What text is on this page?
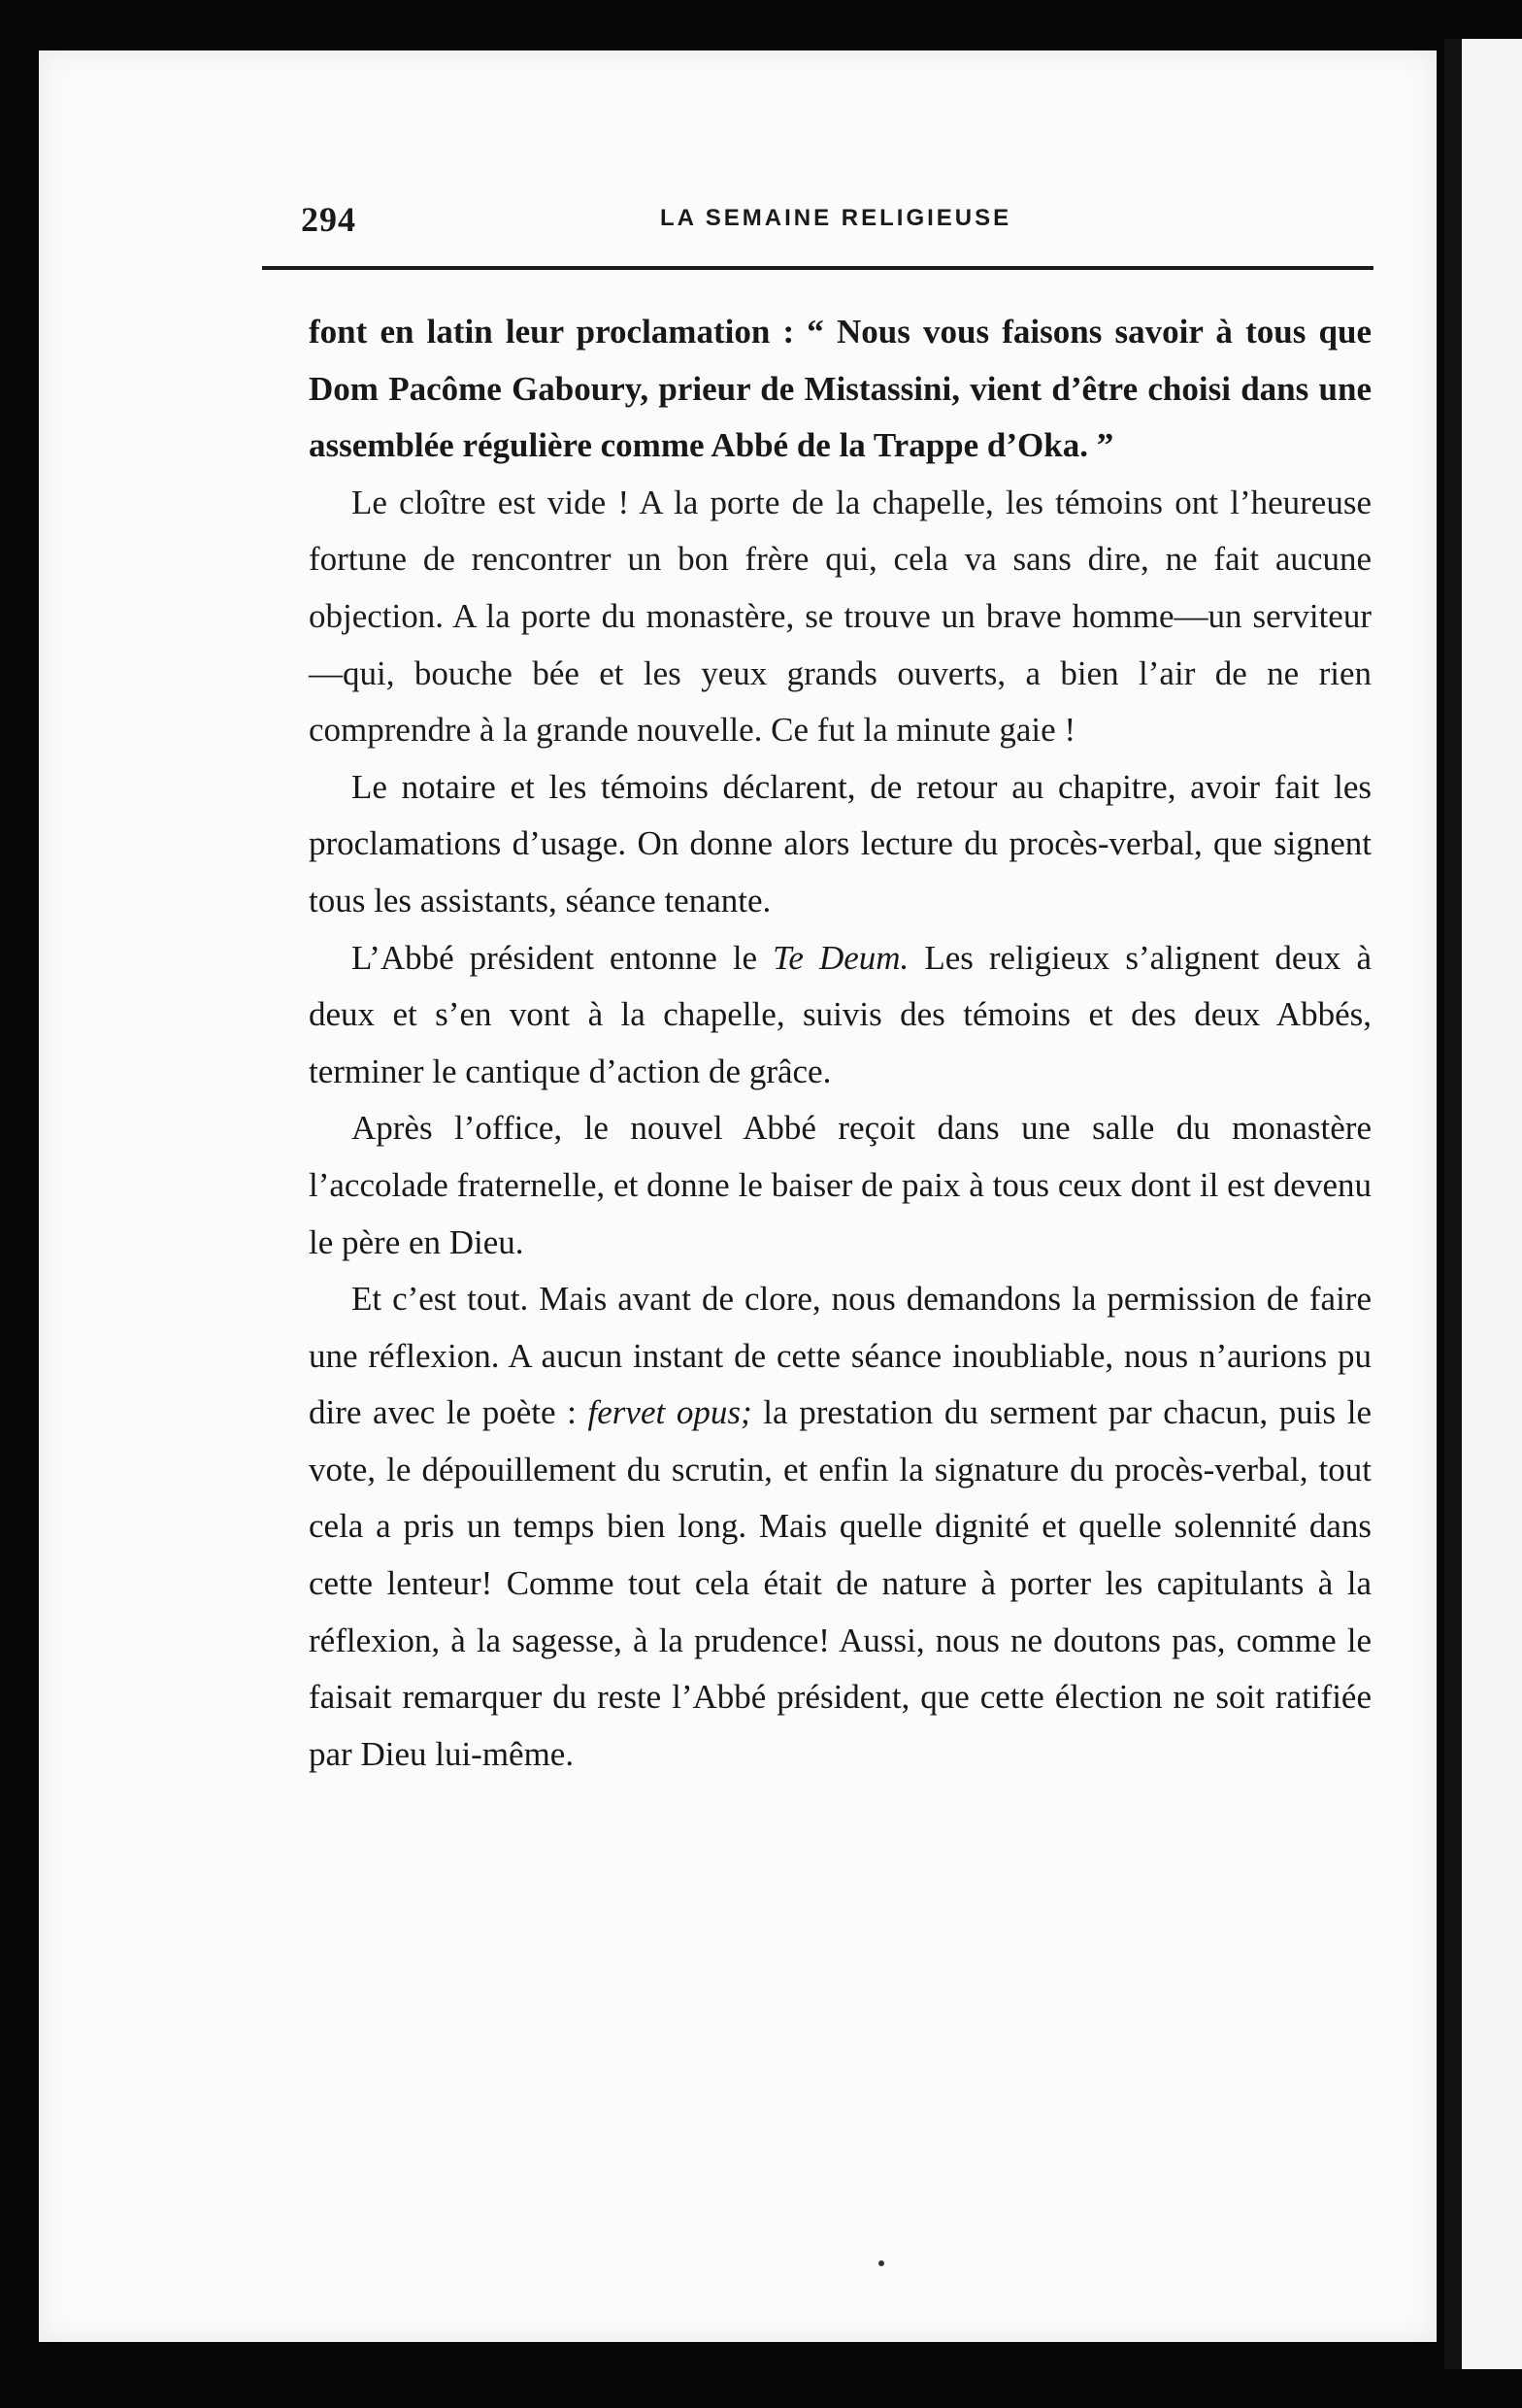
294	LA SEMAINE RELIGIEUSE

font en latin leur proclamation : “ Nous vous faisons savoir à tous que Dom Pacôme Gaboury, prieur de Mistassini, vient d’être choisi dans une assemblée régulière comme Abbé de la Trappe d’Oka. ”

Le cloître est vide ! A la porte de la chapelle, les témoins ont l’heureuse fortune de rencontrer un bon frère qui, cela va sans dire, ne fait aucune objection. A la porte du monastère, se trouve un brave homme—un serviteur—qui, bouche bée et les yeux grands ouverts, a bien l’air de ne rien comprendre à la grande nouvelle. Ce fut la minute gaie !

Le notaire et les témoins déclarent, de retour au chapitre, avoir fait les proclamations d’usage. On donne alors lecture du procès-verbal, que signent tous les assistants, séance tenante.

L’Abbé président entonne le Te Deum. Les religieux s’alignent deux à deux et s’en vont à la chapelle, suivis des témoins et des deux Abbés, terminer le cantique d’action de grâce.

Après l’office, le nouvel Abbé reçoit dans une salle du monastère l’accolade fraternelle, et donne le baiser de paix à tous ceux dont il est devenu le père en Dieu.

Et c’est tout. Mais avant de clore, nous demandons la permission de faire une réflexion. A aucun instant de cette séance inoubliable, nous n’aurions pu dire avec le poète : fervet opus; la prestation du serment par chacun, puis le vote, le dépouillement du scrutin, et enfin la signature du procès-verbal, tout cela a pris un temps bien long. Mais quelle dignité et quelle solennité dans cette lenteur! Comme tout cela était de nature à porter les capitulants à la réflexion, à la sagesse, à la prudence! Aussi, nous ne doutons pas, comme le faisait remarquer du reste l’Abbé président, que cette élection ne soit ratifiée par Dieu lui-même.
